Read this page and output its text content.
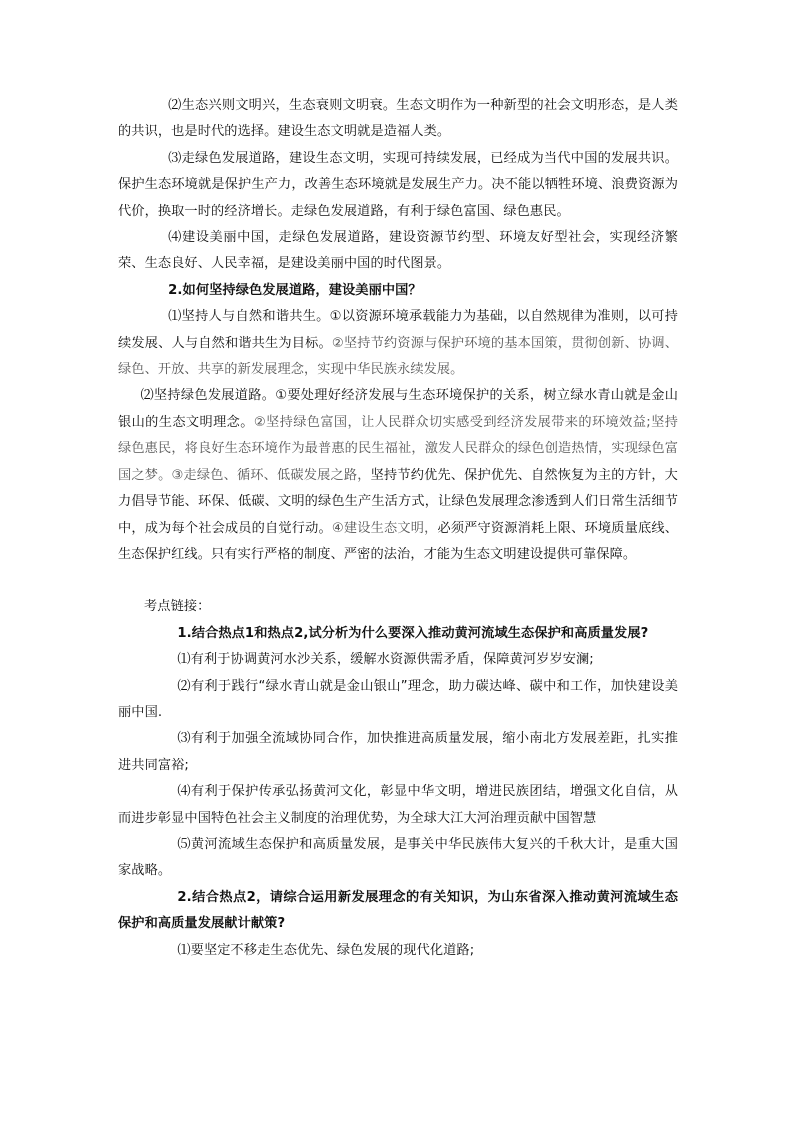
⑵生态兴则文明兴，生态衰则文明衰。生态文明作为一种新型的社会文明形态，是人类的共识，也是时代的选择。建设生态文明就是造福人类。

⑶走绿色发展道路，建设生态文明，实现可持续发展，已经成为当代中国的发展共识。保护生态环境就是保护生产力，改善生态环境就是发展生产力。决不能以牺牲环境、浪费资源为代价，换取一时的经济增长。走绿色发展道路，有利于绿色富国、绿色惠民。

⑷建设美丽中国，走绿色发展道路，建设资源节约型、环境友好型社会，实现经济繁荣、生态良好、人民幸福，是建设美丽中国的时代图景。

2.如何坚持绿色发展道路，建设美丽中国？

⑴坚持人与自然和谐共生。①以资源环境承载能力为基础，以自然规律为准则，以可持续发展、人与自然和谐共生为目标。②坚持节约资源与保护环境的基本国策，贯彻创新、协调、绿色、开放、共享的新发展理念，实现中华民族永续发展。

⑵坚持绿色发展道路。①要处理好经济发展与生态环境保护的关系，树立绿水青山就是金山银山的生态文明理念。②坚持绿色富国，让人民群众切实感受到经济发展带来的环境效益;坚持绿色惠民，将良好生态环境作为最普惠的民生福祉，激发人民群众的绿色创造热情，实现绿色富国之梦。③走绿色、循环、低碳发展之路，坚持节约优先、保护优先、自然恢复为主的方针，大力倡导节能、环保、低碳、文明的绿色生产生活方式，让绿色发展理念渗透到人们日常生活细节中，成为每个社会成员的自觉行动。④建设生态文明，必须严守资源消耗上限、环境质量底线、生态保护红线。只有实行严格的制度、严密的法治，才能为生态文明建设提供可靠保障。

考点链接：

1.结合热点1和热点2,试分析为什么要深入推动黄河流域生态保护和高质量发展?

⑴有利于协调黄河水沙关系，缓解水资源供需矛盾，保障黄河岁岁安澜;

⑵有利于践行“绿水青山就是金山银山”理念，助力碳达峰、碳中和工作，加快建设美丽中国.

⑶有利于加强全流域协同合作，加快推进高质量发展，缩小南北方发展差距，扎实推进共同富裕;

⑷有利于保护传承弘扬黄河文化，彰显中华文明，增进民族团结，增强文化自信，从而进步彰显中国特色社会主义制度的治理优势，为全球大江大河治理贡献中国智慧

⑸黄河流域生态保护和高质量发展，是事关中华民族伟大复兴的千秋大计，是重大国家战略。

2.结合热点2，请综合运用新发展理念的有关知识，为山东省深入推动黄河流域生态保护和高质量发展献计献策?

⑴要坚定不移走生态优先、绿色发展的现代化道路;
